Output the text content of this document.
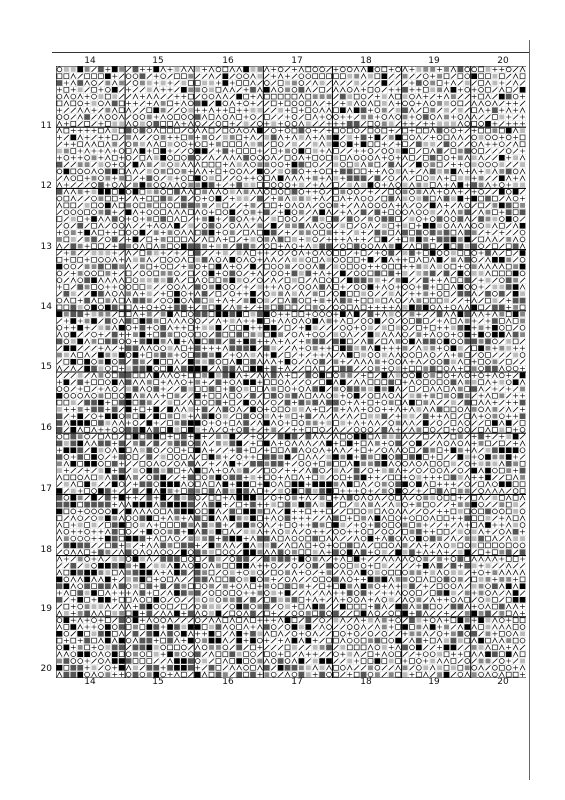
14	15	16	17	18	19	20
14	15	16	17	18	19	20
11
12
13
14
15
16
17
18
19
20
